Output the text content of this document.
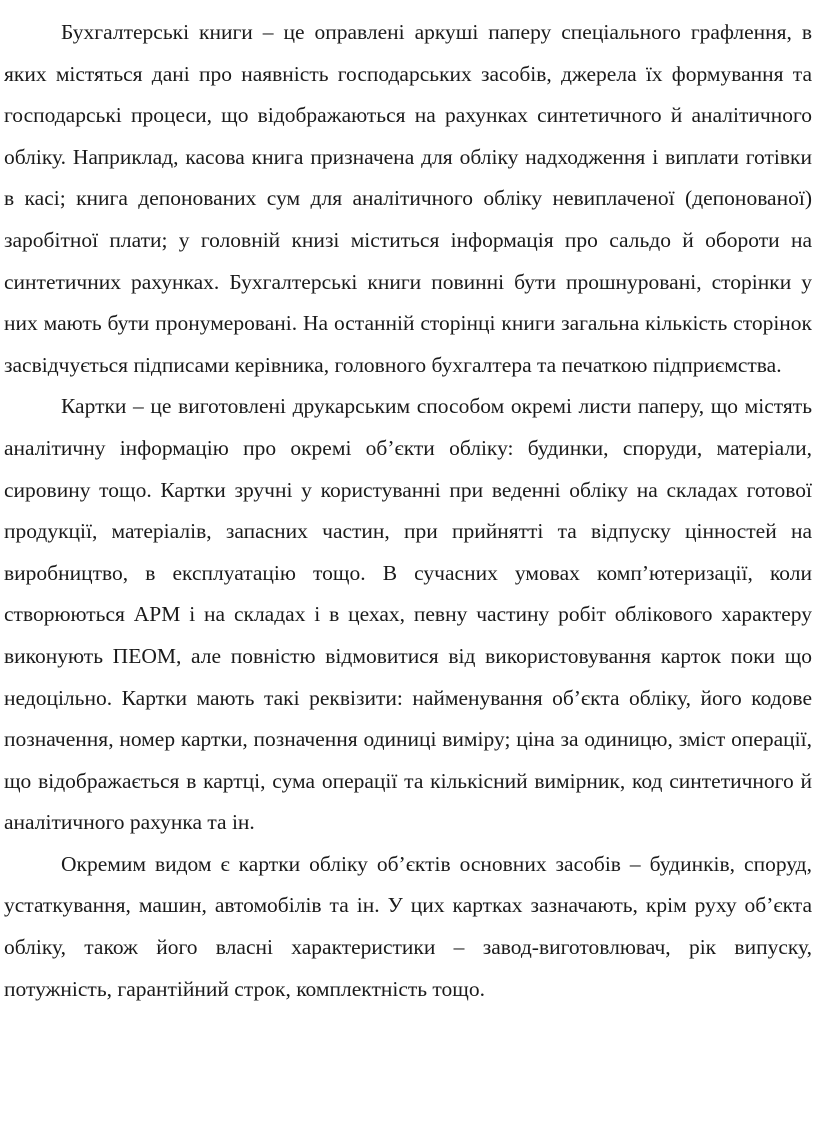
Бухгалтерські книги – це оправлені аркуші паперу спеціального графлення, в яких містяться дані про наявність господарських засобів, джерела їх формування та господарські процеси, що відображаються на рахунках синтетичного й аналітичного обліку. Наприклад, касова книга призначена для обліку надходження і виплати готівки в касі; книга депонованих сум для аналітичного обліку невиплаченої (депонованої) заробітної плати; у головній книзі міститься інформація про сальдо й обороти на синтетичних рахунках. Бухгалтерські книги повинні бути прошнуровані, сторінки у них мають бути пронумеровані. На останній сторінці книги загальна кількість сторінок засвідчується підписами керівника, головного бухгалтера та печаткою підприємства.

Картки – це виготовлені друкарським способом окремі листи паперу, що містять аналітичну інформацію про окремі об’єкти обліку: будинки, споруди, матеріали, сировину тощо. Картки зручні у користуванні при веденні обліку на складах готової продукції, матеріалів, запасних частин, при прийнятті та відпуску цінностей на виробництво, в експлуатацію тощо. В сучасних умовах комп’ютеризації, коли створюються АРМ і на складах і в цехах, певну частину робіт облікового характеру виконують ПЕОМ, але повністю відмовитися від використовування карток поки що недоцільно. Картки мають такі реквізити: найменування об’єкта обліку, його кодове позначення, номер картки, позначення одиниці виміру; ціна за одиницю, зміст операції, що відображається в картці, сума операції та кількісний вимірник, код синтетичного й аналітичного рахунка та ін.

Окремим видом є картки обліку об’єктів основних засобів – будинків, споруд, устаткування, машин, автомобілів та ін. У цих картках зазначають, крім руху об’єкта обліку, також його власні характеристики – завод-виготовлювач, рік випуску, потужність, гарантійний строк, комплектність тощо.
